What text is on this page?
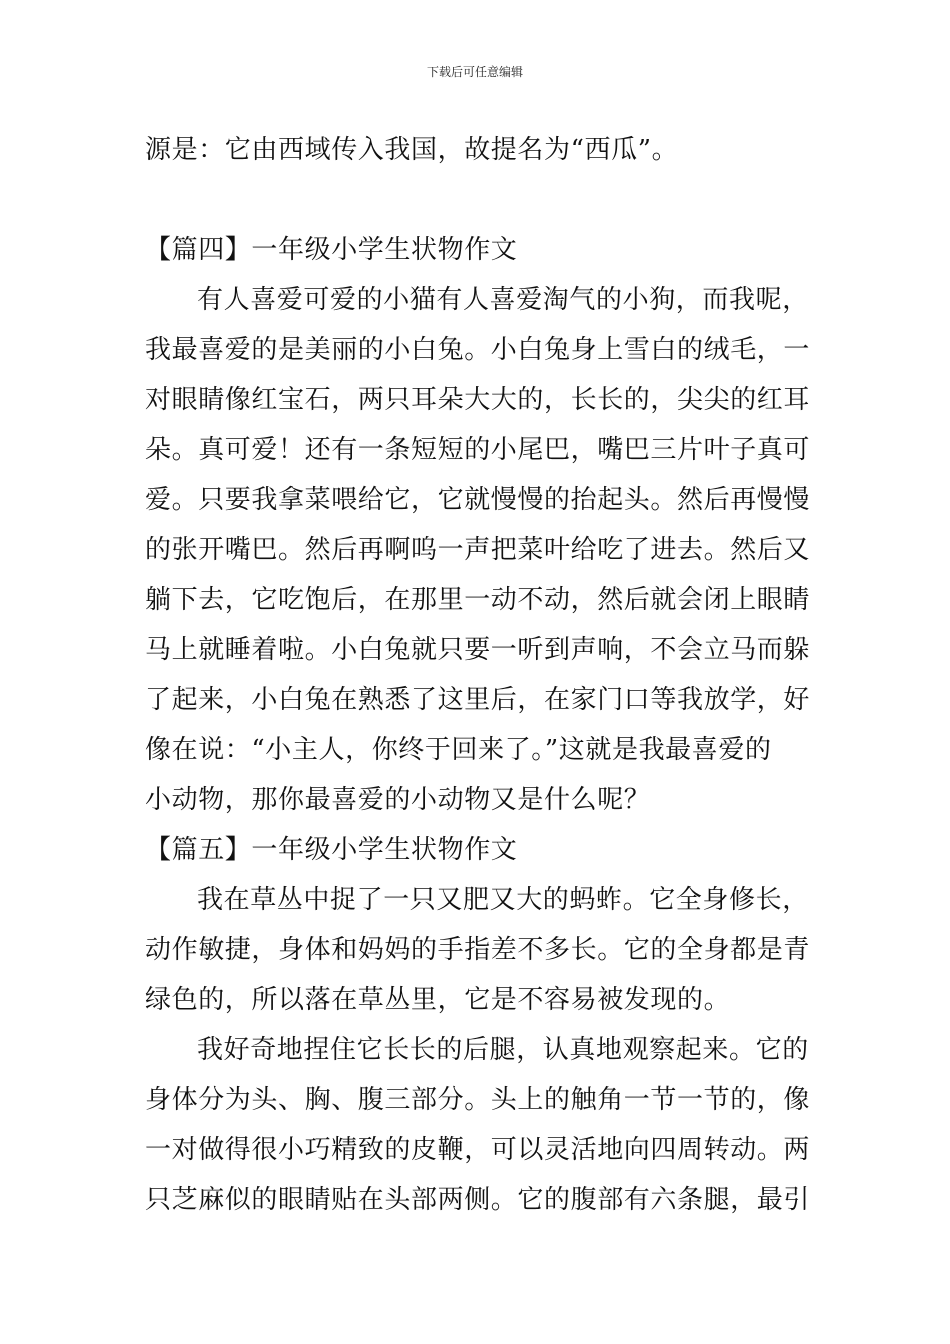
下载后可任意编辑
源是：它由西域传入我国，故提名为“西瓜”。
【篇四】一年级小学生状物作文
有人喜爱可爱的小猫有人喜爱淘气的小狗，而我呢，
我最喜爱的是美丽的小白兔。小白兔身上雪白的绒毛，一
对眼睛像红宝石，两只耳朵大大的，长长的，尖尖的红耳
朵。真可爱！还有一条短短的小尾巴，嘴巴三片叶子真可
爱。只要我拿菜喂给它，它就慢慢的抬起头。然后再慢慢
的张开嘴巴。然后再啊呜一声把菜叶给吃了进去。然后又
躺下去，它吃饱后，在那里一动不动，然后就会闭上眼睛
马上就睡着啦。小白兔就只要一听到声响，不会立马而躲
了起来，小白兔在熟悉了这里后，在家门口等我放学，好
像在说：“小主人，你终于回来了。”这就是我最喜爱的
小动物，那你最喜爱的小动物又是什么呢？
【篇五】一年级小学生状物作文
我在草丛中捉了一只又肥又大的蚂蚱。它全身修长，
动作敏捷，身体和妈妈的手指差不多长。它的全身都是青
绿色的，所以落在草丛里，它是不容易被发现的。
我好奇地捏住它长长的后腿，认真地观察起来。它的
身体分为头、胸、腹三部分。头上的触角一节一节的，像
一对做得很小巧精致的皮鞭，可以灵活地向四周转动。两
只芝麻似的眼睛贴在头部两侧。它的腹部有六条腿，最引
